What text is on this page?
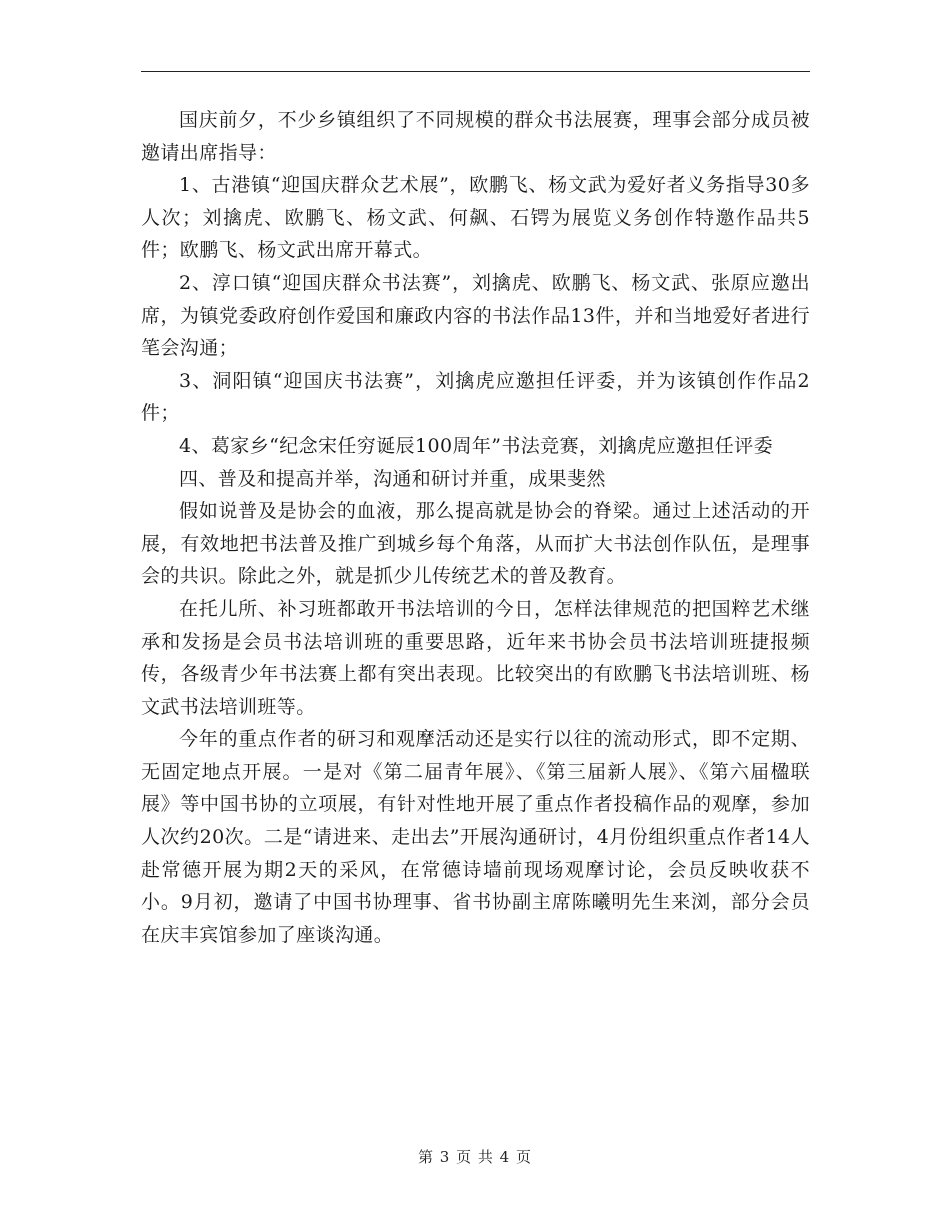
国庆前夕，不少乡镇组织了不同规模的群众书法展赛，理事会部分成员被邀请出席指导：

1、古港镇“迎国庆群众艺术展”，欧鹏飞、杨文武为爱好者义务指导30多人次；刘擒虎、欧鹏飞、杨文武、何飙、石锷为展览义务创作特邀作品共5件；欧鹏飞、杨文武出席开幕式。

2、淳口镇“迎国庆群众书法赛”，刘擒虎、欧鹏飞、杨文武、张原应邀出席，为镇党委政府创作爱国和廉政内容的书法作品13件，并和当地爱好者进行笔会沟通；

3、洞阳镇“迎国庆书法赛”，刘擒虎应邀担任评委，并为该镇创作作品2件；

4、葛家乡“纪念宋任穷诞辰100周年”书法竞赛，刘擒虎应邀担任评委

四、普及和提高并举，沟通和研讨并重，成果斐然

假如说普及是协会的血液，那么提高就是协会的脊梁。通过上述活动的开展，有效地把书法普及推广到城乡每个角落，从而扩大书法创作队伍，是理事会的共识。除此之外，就是抓少儿传统艺术的普及教育。

在托儿所、补习班都敢开书法培训的今日，怎样法律规范的把国粹艺术继承和发扬是会员书法培训班的重要思路，近年来书协会员书法培训班捷报频传，各级青少年书法赛上都有突出表现。比较突出的有欧鹏飞书法培训班、杨文武书法培训班等。

今年的重点作者的研习和观摩活动还是实行以往的流动形式，即不定期、无固定地点开展。一是对《第二届青年展》、《第三届新人展》、《第六届楹联展》等中国书协的立项展，有针对性地开展了重点作者投稿作品的观摩，参加人次约20次。二是“请进来、走出去”开展沟通研讨，4月份组织重点作者14人赴常德开展为期2天的采风，在常德诗墙前现场观摩讨论，会员反映收获不小。9月初，邀请了中国书协理事、省书协副主席陈曦明先生来浏，部分会员在庆丰宾馆参加了座谈沟通。

第 3 页 共 4 页
